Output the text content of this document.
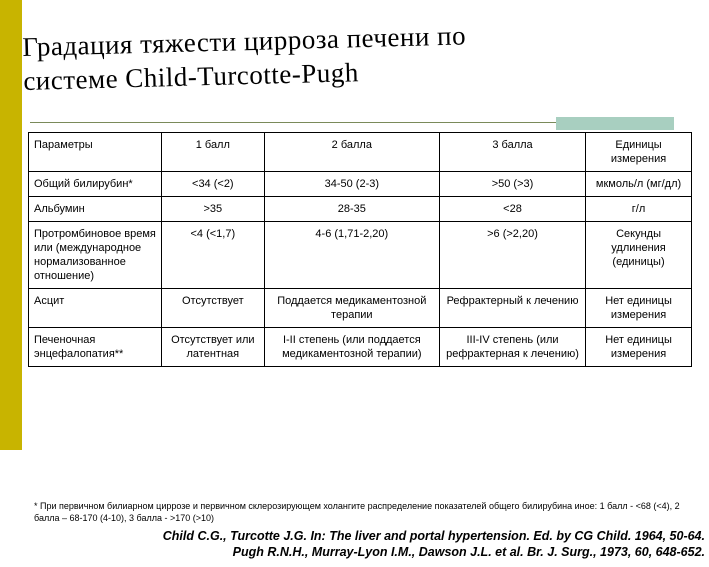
Градация тяжести цирроза печени по
системе Child-Turcotte-Pugh
Параметры	1 балл	2 балла	3 балла	Единицы измерения
Общий билирубин*	<34 (<2)	34-50 (2-3)	>50 (>3)	мкмоль/л (мг/дл)
Альбумин	>35	28-35	<28	г/л
Протромбиновое время или (международное нормализованное отношение)	<4 (<1,7)	4-6 (1,71-2,20)	>6 (>2,20)	Секунды удлинения (единицы)
Асцит	Отсутствует	Поддается медикаментозной терапии	Рефрактерный к лечению	Нет единицы измерения
Печеночная энцефалопатия**	Отсутствует или латентная	I-II степень (или поддается медикаментозной терапии)	III-IV степень (или рефрактерная к лечению)	Нет единицы измерения
* При первичном билиарном циррозе и первичном склерозирующем холангите распределение показателей общего билирубина иное: 1 балл - <68 (<4), 2 балла – 68-170 (4-10), 3 балла - >170 (>10)
Child C.G., Turcotte J.G. In: The liver and portal hypertension. Ed. by CG Child. 1964, 50-64.
Pugh R.N.H., Murray-Lyon I.M., Dawson J.L. et al. Br. J. Surg., 1973, 60, 648-652.
